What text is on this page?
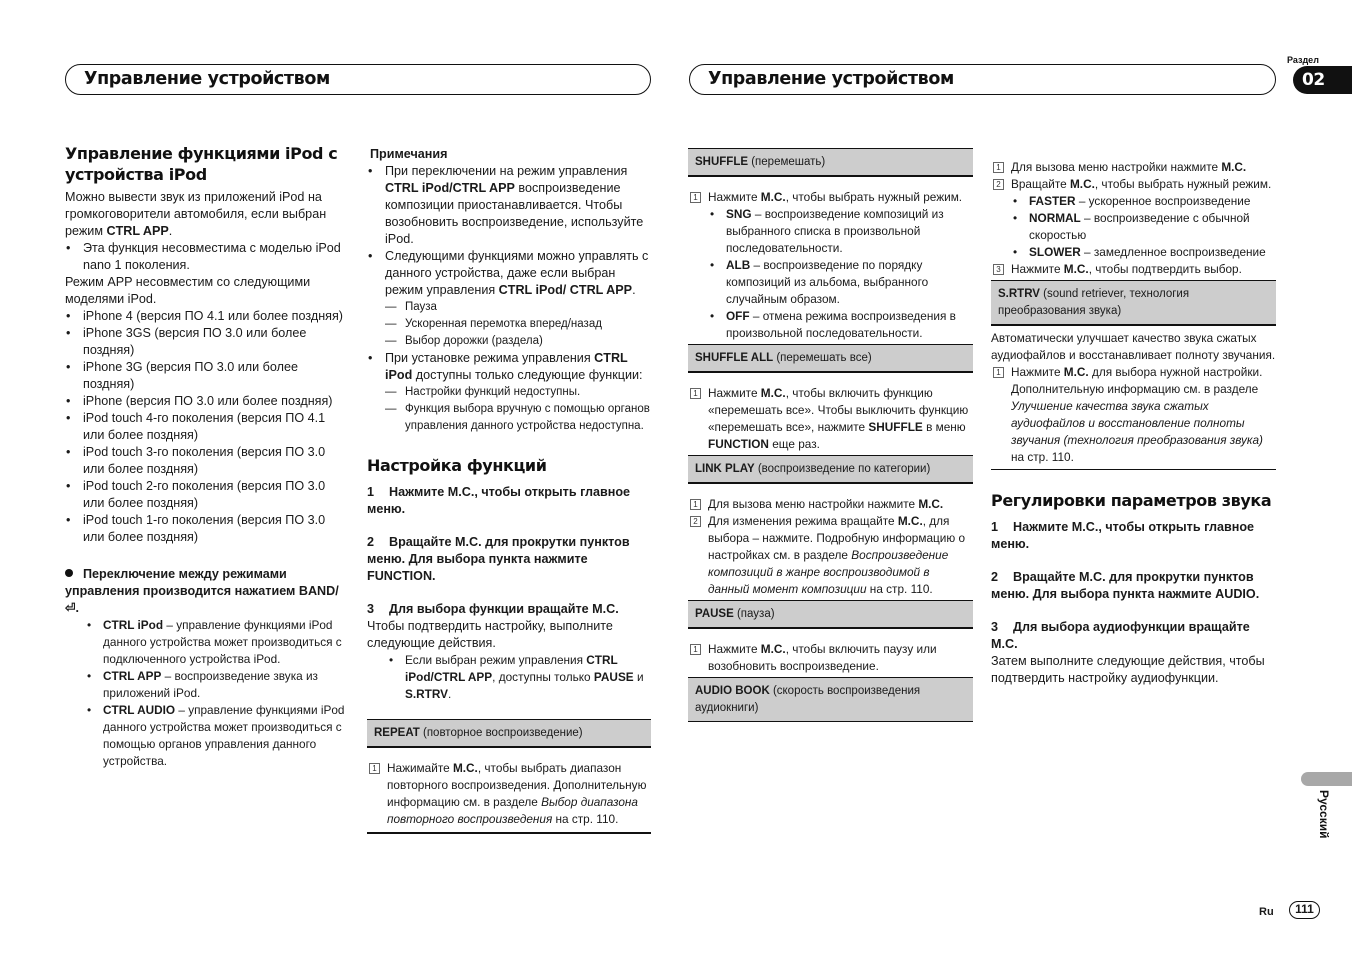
Управление устройством	Управление устройством
Раздел
02
Русский
Ru	111
Управление функциями iPod с устройства iPod

Можно вывести звук из приложений iPod на громкоговорители автомобиля, если выбран режим CTRL APP.

• Эта функция несовместима с моделью iPod nano 1 поколения.

Режим APP несовместим со следующими моделями iPod.

• iPhone 4 (версия ПО 4.1 или более поздняя)
• iPhone 3GS (версия ПО 3.0 или более поздняя)
• iPhone 3G (версия ПО 3.0 или более поздняя)
• iPhone (версия ПО 3.0 или более поздняя)
• iPod touch 4-го поколения (версия ПО 4.1 или более поздняя)
• iPod touch 3-го поколения (версия ПО 3.0 или более поздняя)
• iPod touch 2-го поколения (версия ПО 3.0 или более поздняя)
• iPod touch 1-го поколения (версия ПО 3.0 или более поздняя)

Переключение между режимами управления производится нажатием BAND/⏎.

• CTRL iPod – управление функциями iPod данного устройства может производиться с подключенного устройства iPod.
• CTRL APP – воспроизведение звука из приложений iPod.
• CTRL AUDIO – управление функциями iPod данного устройства может производиться с помощью органов управления данного устройства.

Примечания

• При переключении на режим управления CTRL iPod/CTRL APP воспроизведение композиции приостанавливается. Чтобы возобновить воспроизведение, используйте iPod.
• Следующими функциями можно управлять с данного устройства, даже если выбран режим управления CTRL iPod/ CTRL APP.
— Пауза
— Ускоренная перемотка вперед/назад
— Выбор дорожки (раздела)
• При установке режима управления CTRL iPod доступны только следующие функции:
— Настройки функций недоступны.
— Функция выбора вручную с помощью органов управления данного устройства недоступна.
Настройка функций

1 Нажмите M.C., чтобы открыть главное меню.

2 Вращайте M.C. для прокрутки пунктов меню. Для выбора пункта нажмите FUNCTION.

3 Для выбора функции вращайте M.C.

Чтобы подтвердить настройку, выполните следующие действия.

• Если выбран режим управления CTRL iPod/CTRL APP, доступны только PAUSE и S.RTRV.
REPEAT (повторное воспроизведение)
1 Нажимайте M.C., чтобы выбрать диапазон повторного воспроизведения. Дополнительную информацию см. в разделе Выбор диапазона повторного воспроизведения на стр. 110.
SHUFFLE (перемешать)
1 Нажмите M.C., чтобы выбрать нужный режим.
• SNG – воспроизведение композиций из выбранного списка в произвольной последовательности.
• ALB – воспроизведение по порядку композиций из альбома, выбранного случайным образом.
• OFF – отмена режима воспроизведения в произвольной последовательности.
SHUFFLE ALL (перемешать все)
1 Нажмите M.C., чтобы включить функцию «перемешать все». Чтобы выключить функцию «перемешать все», нажмите SHUFFLE в меню FUNCTION еще раз.
LINK PLAY (воспроизведение по категории)
1 Для вызова меню настройки нажмите M.C.
2 Для изменения режима вращайте M.C., для выбора – нажмите. Подробную информацию о настройках см. в разделе Воспроизведение композиций в жанре воспроизводимой в данный момент композиции на стр. 110.
PAUSE (пауза)
1 Нажмите M.C., чтобы включить паузу или возобновить воспроизведение.
AUDIO BOOK (скорость воспроизведения аудиокниги)
1 Для вызова меню настройки нажмите M.C.
2 Вращайте M.C., чтобы выбрать нужный режим.
• FASTER – ускоренное воспроизведение
• NORMAL – воспроизведение с обычной скоростью
• SLOWER – замедленное воспроизведение
3 Нажмите M.C., чтобы подтвердить выбор.
S.RTRV (sound retriever, технология преобразования звука)

Автоматически улучшает качество звука сжатых аудиофайлов и восстанавливает полноту звучания.

1 Нажмите M.C. для выбора нужной настройки. Дополнительную информацию см. в разделе Улучшение качества звука сжатых аудиофайлов и восстановление полноты звучания (технология преобразования звука) на стр. 110.
Регулировки параметров звука

1 Нажмите M.C., чтобы открыть главное меню.

2 Вращайте M.C. для прокрутки пунктов меню. Для выбора пункта нажмите AUDIO.

3 Для выбора аудиофункции вращайте M.C.

Затем выполните следующие действия, чтобы подтвердить настройку аудиофункции.
